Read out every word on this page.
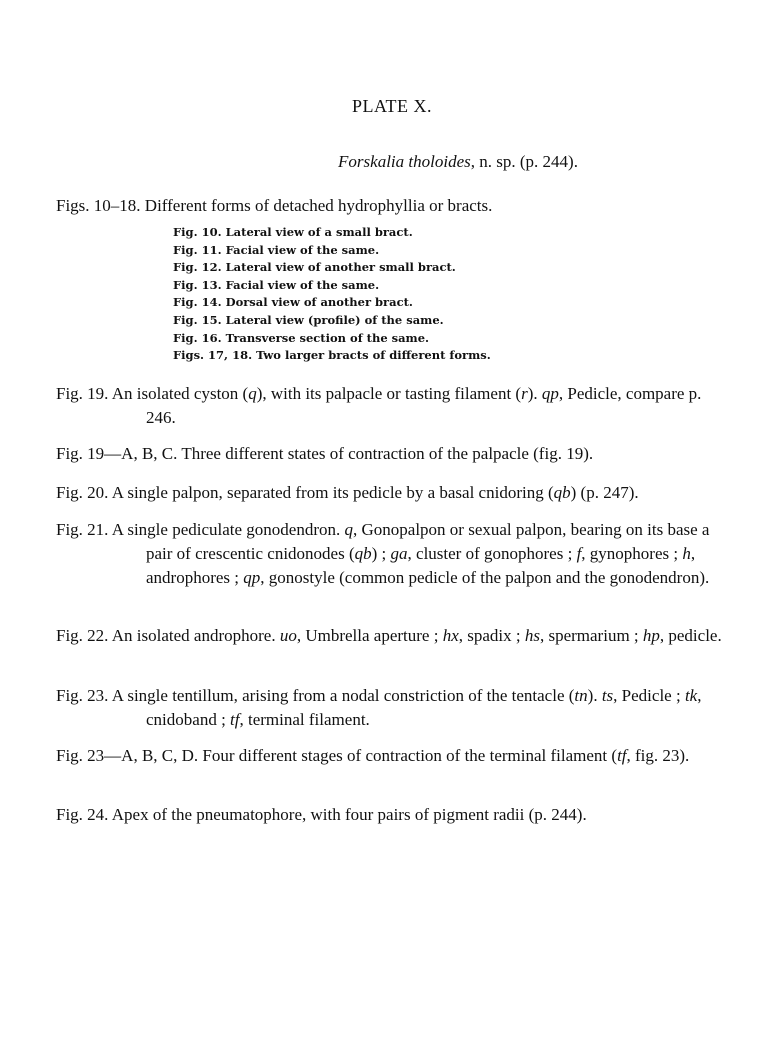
PLATE X.
Forskalia tholoides, n. sp. (p. 244).
Figs. 10–18. Different forms of detached hydrophyllia or bracts.
Fig. 10. Lateral view of a small bract.
Fig. 11. Facial view of the same.
Fig. 12. Lateral view of another small bract.
Fig. 13. Facial view of the same.
Fig. 14. Dorsal view of another bract.
Fig. 15. Lateral view (profile) of the same.
Fig. 16. Transverse section of the same.
Figs. 17, 18. Two larger bracts of different forms.
Fig. 19. An isolated cyston (q), with its palpacle or tasting filament (r). qp, Pedicle, compare p. 246.
Fig. 19—A, B, C. Three different states of contraction of the palpacle (fig. 19).
Fig. 20. A single palpon, separated from its pedicle by a basal cnidoring (qb) (p. 247).
Fig. 21. A single pediculate gonodendron. q, Gonopalpon or sexual palpon, bearing on its base a pair of crescentic cnidonodes (qb) ; ga, cluster of gonophores ; f, gynophores ; h, androphores ; qp, gonostyle (common pedicle of the palpon and the gonodendron).
Fig. 22. An isolated androphore. uo, Umbrella aperture ; hx, spadix ; hs, spermarium ; hp, pedicle.
Fig. 23. A single tentillum, arising from a nodal constriction of the tentacle (tn). ts, Pedicle ; tk, cnidoband ; tf, terminal filament.
Fig. 23—A, B, C, D. Four different stages of contraction of the terminal filament (tf, fig. 23).
Fig. 24. Apex of the pneumatophore, with four pairs of pigment radii (p. 244).
